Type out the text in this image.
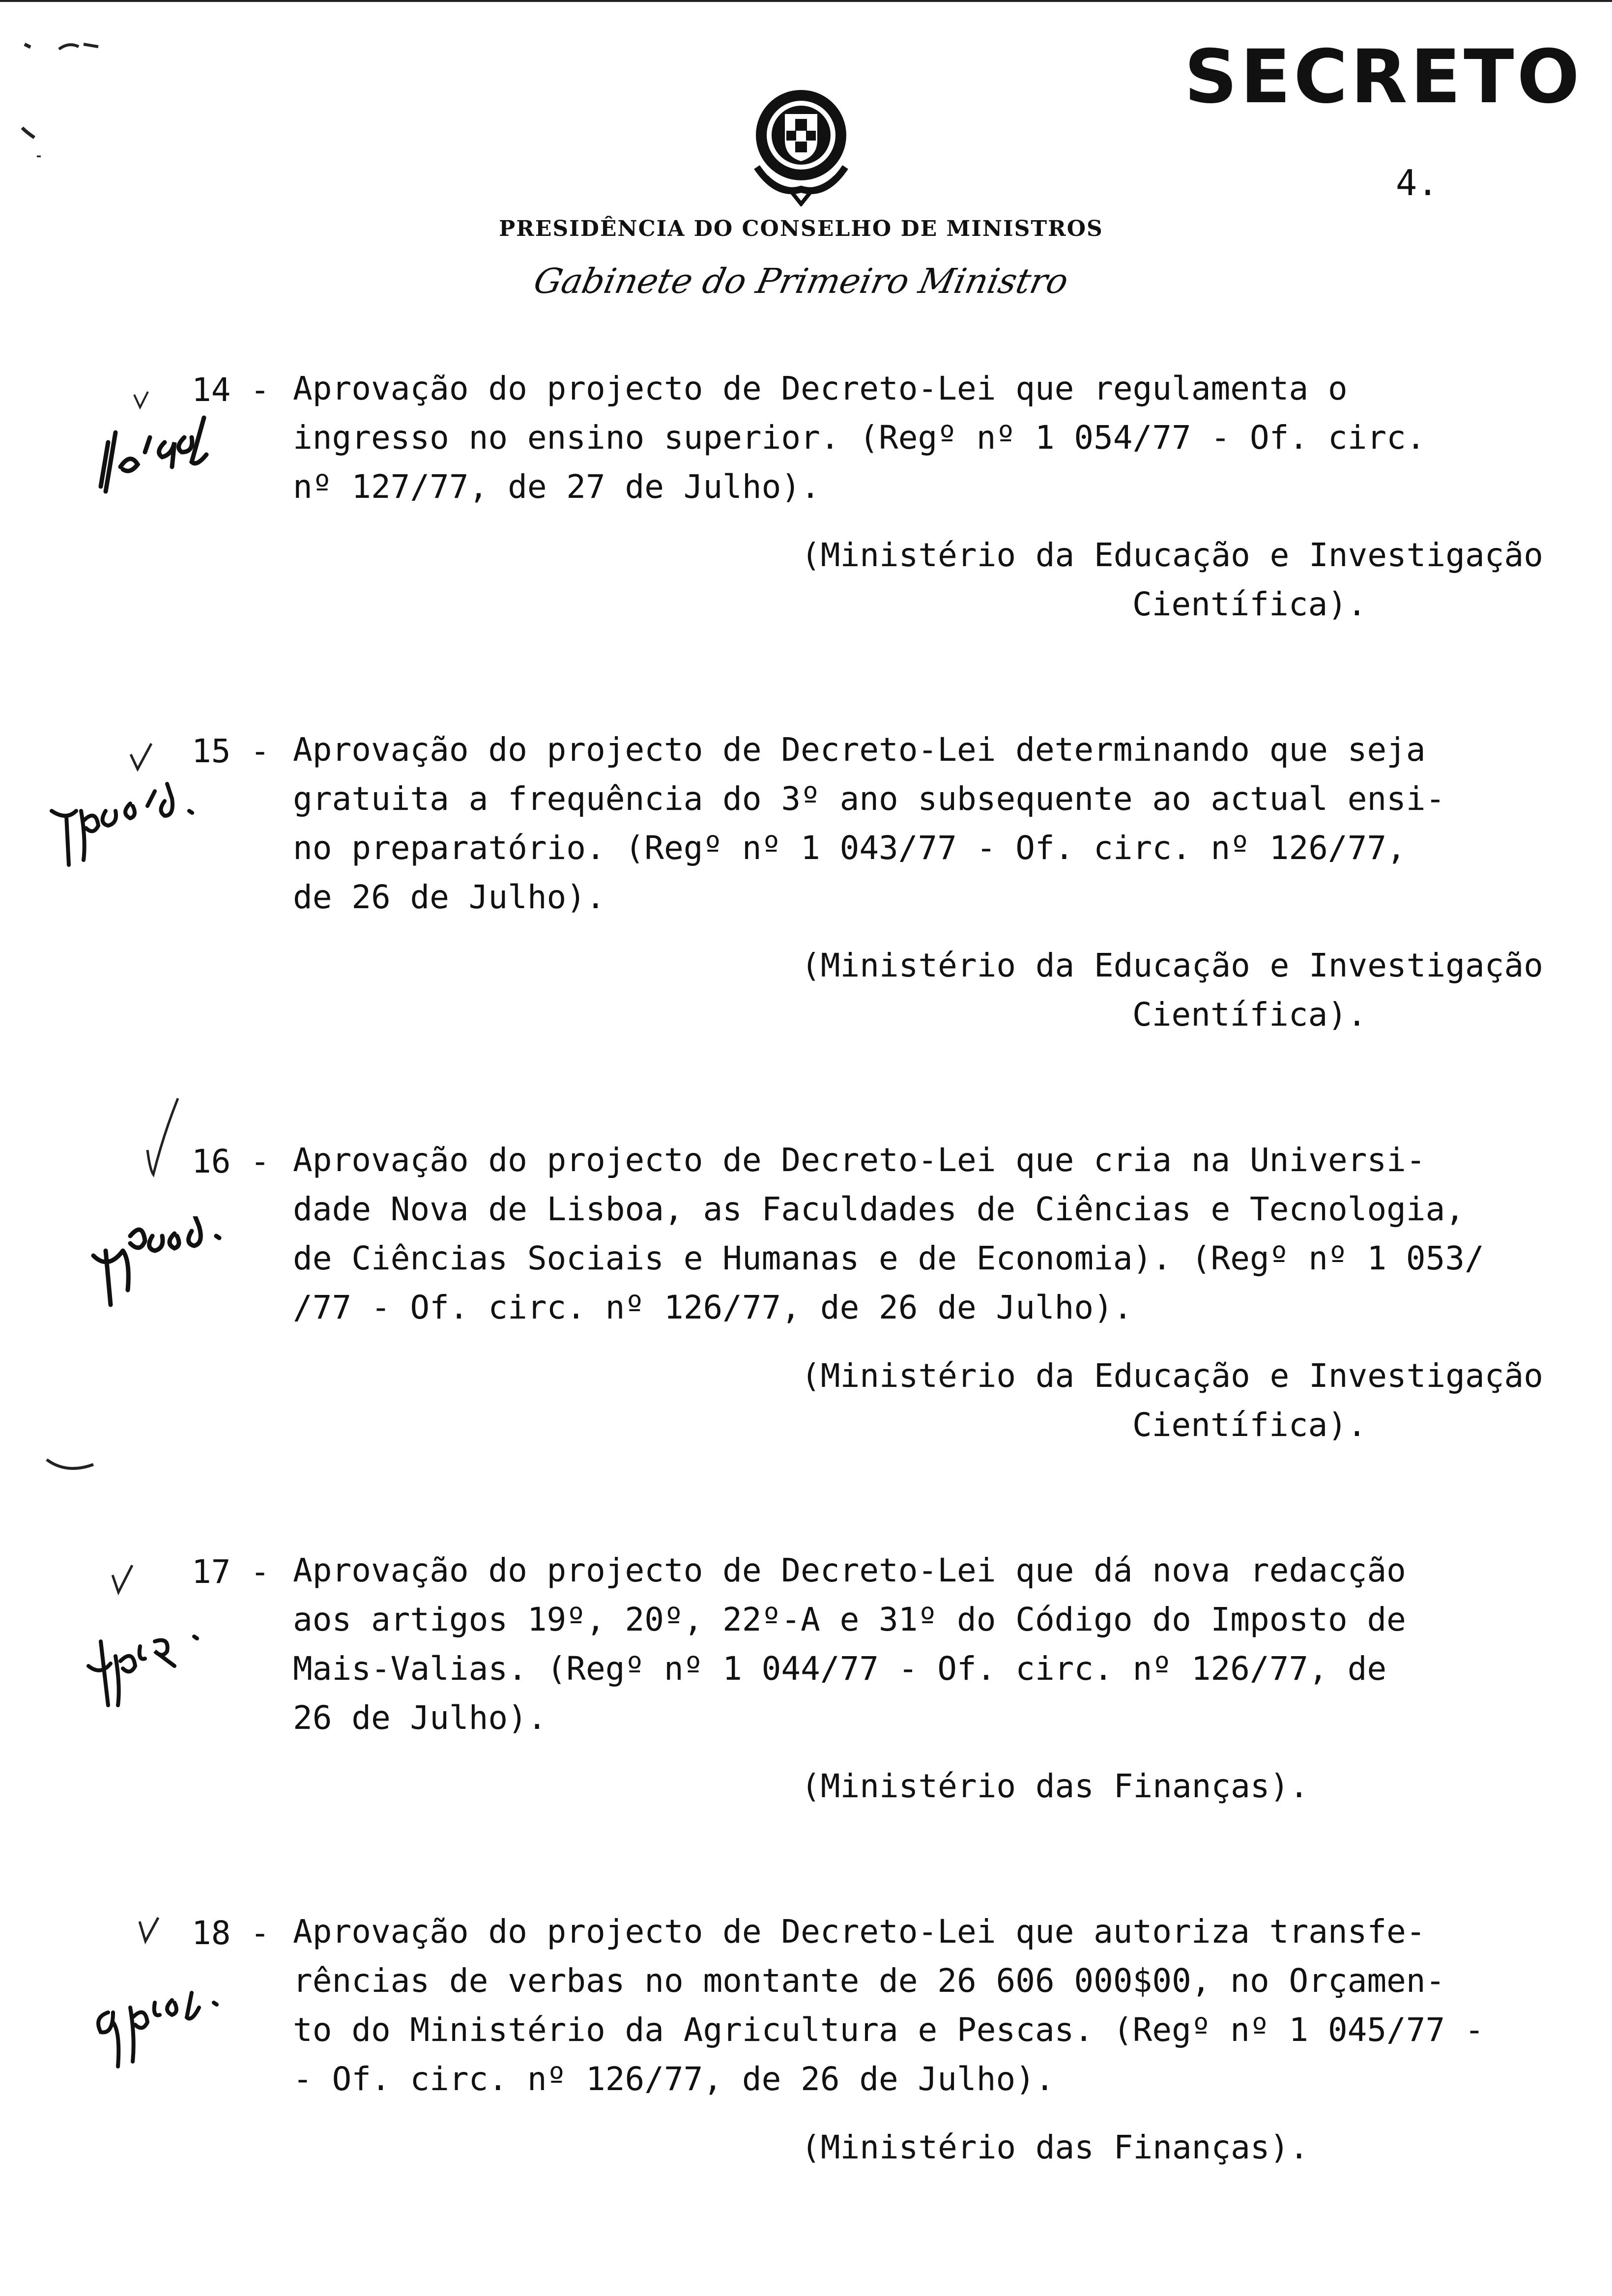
SECRETO
4.
PRESIDÊNCIA DO CONSELHO DE MINISTROS
Gabinete do Primeiro Ministro
14 - Aprovação do projecto de Decreto-Lei que regulamenta o

ingresso no ensino superior. (Regº nº 1 054/77 - Of. circ.

nº 127/77, de 27 de Julho).

(Ministério da Educação e Investigação

Científica).

15 - Aprovação do projecto de Decreto-Lei determinando que seja

gratuita a frequência do 3º ano subsequente ao actual ensi-

no preparatório. (Regº nº 1 043/77 - Of. circ. nº 126/77,

de 26 de Julho).

(Ministério da Educação e Investigação

Científica).

16 - Aprovação do projecto de Decreto-Lei que cria na Universi-

dade Nova de Lisboa, as Faculdades de Ciências e Tecnologia,

de Ciências Sociais e Humanas e de Economia). (Regº nº 1 053/

/77 - Of. circ. nº 126/77, de 26 de Julho).

(Ministério da Educação e Investigação

Científica).

17 - Aprovação do projecto de Decreto-Lei que dá nova redacção

aos artigos 19º, 20º, 22º-A e 31º do Código do Imposto de

Mais-Valias. (Regº nº 1 044/77 - Of. circ. nº 126/77, de

26 de Julho).

(Ministério das Finanças).

18 - Aprovação do projecto de Decreto-Lei que autoriza transfe-

rências de verbas no montante de 26 606 000$00, no Orçamen-

to do Ministério da Agricultura e Pescas. (Regº nº 1 045/77 -

- Of. circ. nº 126/77, de 26 de Julho).

(Ministério das Finanças).
